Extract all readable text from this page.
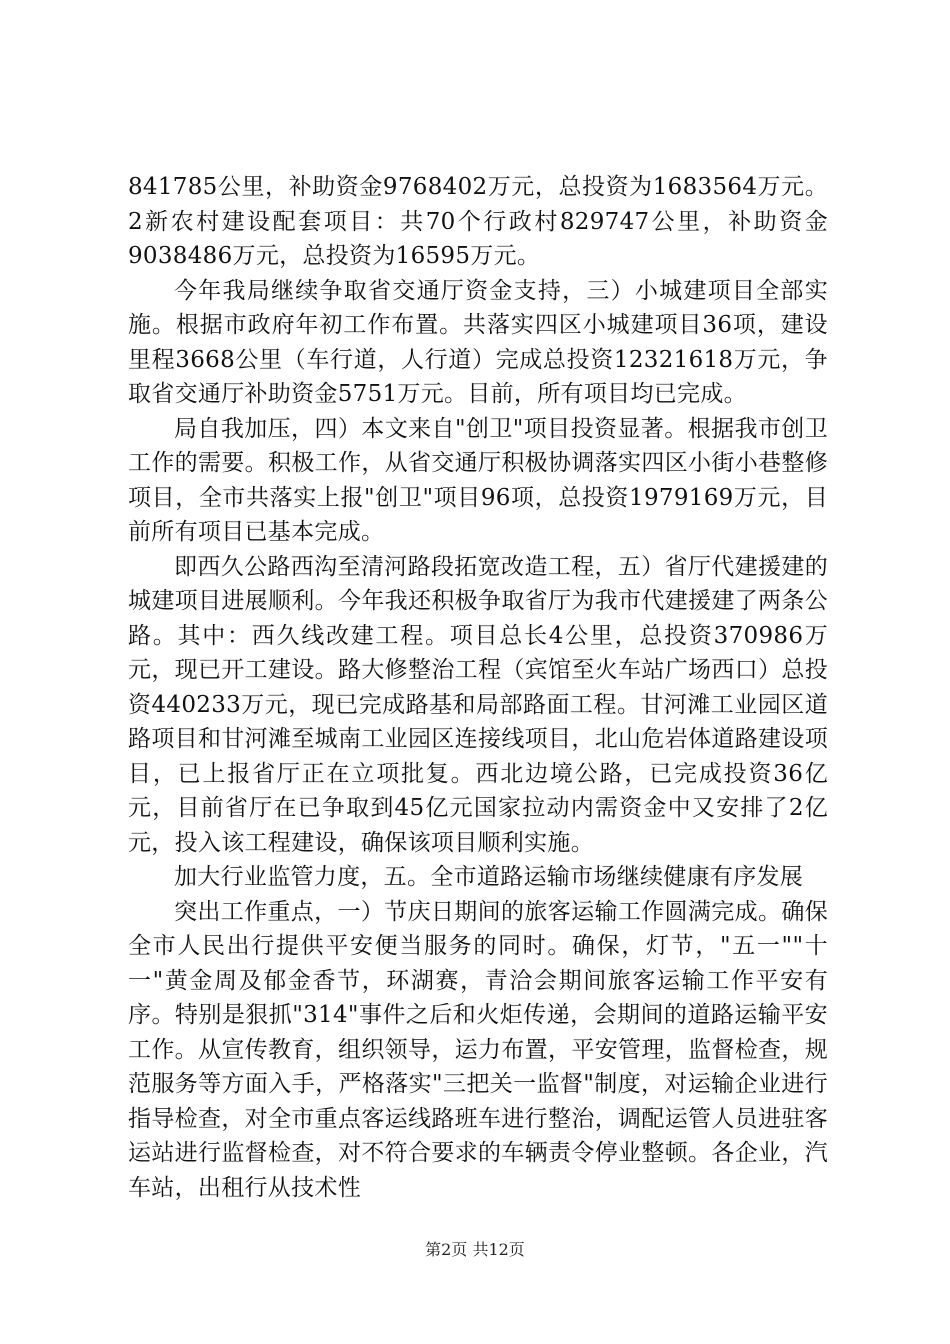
841785公里，补助资金9768402万元，总投资为1683564万元。2新农村建设配套项目：共70个行政村829747公里，补助资金9038486万元，总投资为16595万元。

今年我局继续争取省交通厅资金支持，三）小城建项目全部实施。根据市政府年初工作布置。共落实四区小城建项目36项，建设里程3668公里（车行道，人行道）完成总投资12321618万元，争取省交通厅补助资金5751万元。目前，所有项目均已完成。

局自我加压，四）本文来自"创卫"项目投资显著。根据我市创卫工作的需要。积极工作，从省交通厅积极协调落实四区小街小巷整修项目，全市共落实上报"创卫"项目96项，总投资1979169万元，目前所有项目已基本完成。

即西久公路西沟至清河路段拓宽改造工程，五）省厅代建援建的城建项目进展顺利。今年我还积极争取省厅为我市代建援建了两条公路。其中：西久线改建工程。项目总长4公里，总投资370986万元，现已开工建设。路大修整治工程（宾馆至火车站广场西口）总投资440233万元，现已完成路基和局部路面工程。甘河滩工业园区道路项目和甘河滩至城南工业园区连接线项目，北山危岩体道路建设项目，已上报省厅正在立项批复。西北边境公路，已完成投资36亿元，目前省厅在已争取到45亿元国家拉动内需资金中又安排了2亿元，投入该工程建设，确保该项目顺利实施。

加大行业监管力度，五。全市道路运输市场继续健康有序发展

突出工作重点，一）节庆日期间的旅客运输工作圆满完成。确保全市人民出行提供平安便当服务的同时。确保，灯节，"五一""十一"黄金周及郁金香节，环湖赛，青洽会期间旅客运输工作平安有序。特别是狠抓"314"事件之后和火炬传递，会期间的道路运输平安工作。从宣传教育，组织领导，运力布置，平安管理，监督检查，规范服务等方面入手，严格落实"三把关一监督"制度，对运输企业进行指导检查，对全市重点客运线路班车进行整治，调配运管人员进驻客运站进行监督检查，对不符合要求的车辆责令停业整顿。各企业，汽车站，出租行从技术性

第2页 共12页
